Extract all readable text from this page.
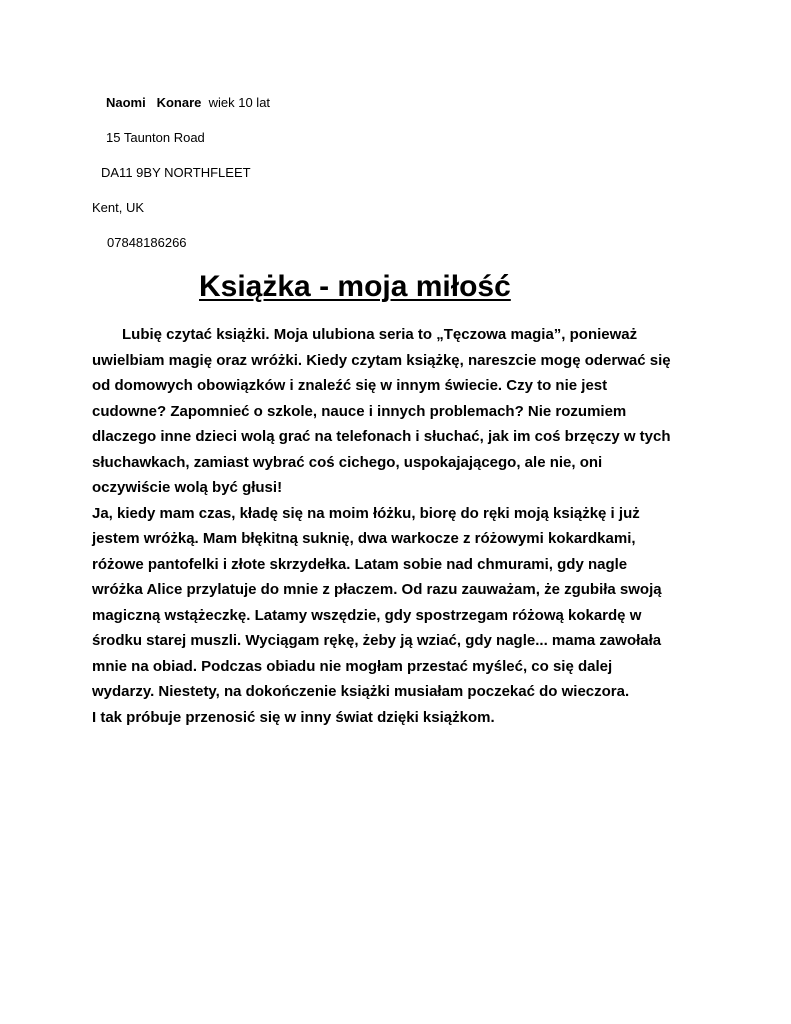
Naomi Konare wiek 10 lat
15 Taunton Road
DA11 9BY NORTHFLEET
Kent, UK
07848186266
Książka - moja miłość
Lubię czytać książki. Moja ulubiona seria to „Tęczowa magia”, ponieważ
uwielbiam magię oraz wróżki. Kiedy czytam książkę, nareszcie mogę oderwać się
od domowych obowiązków i znaleźć się w innym świecie. Czy to nie jest
cudowne? Zapomnieć o szkole, nauce i innych problemach? Nie rozumiem
dlaczego inne dzieci wolą grać na telefonach i słuchać, jak im coś brzęczy w tych
słuchawkach, zamiast wybrać coś cichego, uspokajającego, ale nie, oni
oczywiście wolą być głusi!
Ja, kiedy mam czas, kładę się na moim łóżku, biorę do ręki moją książkę i już
jestem wróżką. Mam błękitną suknię, dwa warkocze z różowymi kokardkami,
różowe pantofelki i złote skrzydełka. Latam sobie nad chmurami, gdy nagle
wróżka Alice przylatuje do mnie z płaczem. Od razu zauważam, że zgubiła swoją
magiczną wstążeczkę. Latamy wszędzie, gdy spostrzegam różową kokardę w
środku starej muszli. Wyciągam rękę, żeby ją wziać, gdy nagle... mama zawołała
mnie na obiad. Podczas obiadu nie mogłam przestać myśleć, co się dalej
wydarzy. Niestety, na dokończenie książki musiałam poczekać do wieczora.
I tak próbuje przenosić się w inny świat dzięki książkom.
